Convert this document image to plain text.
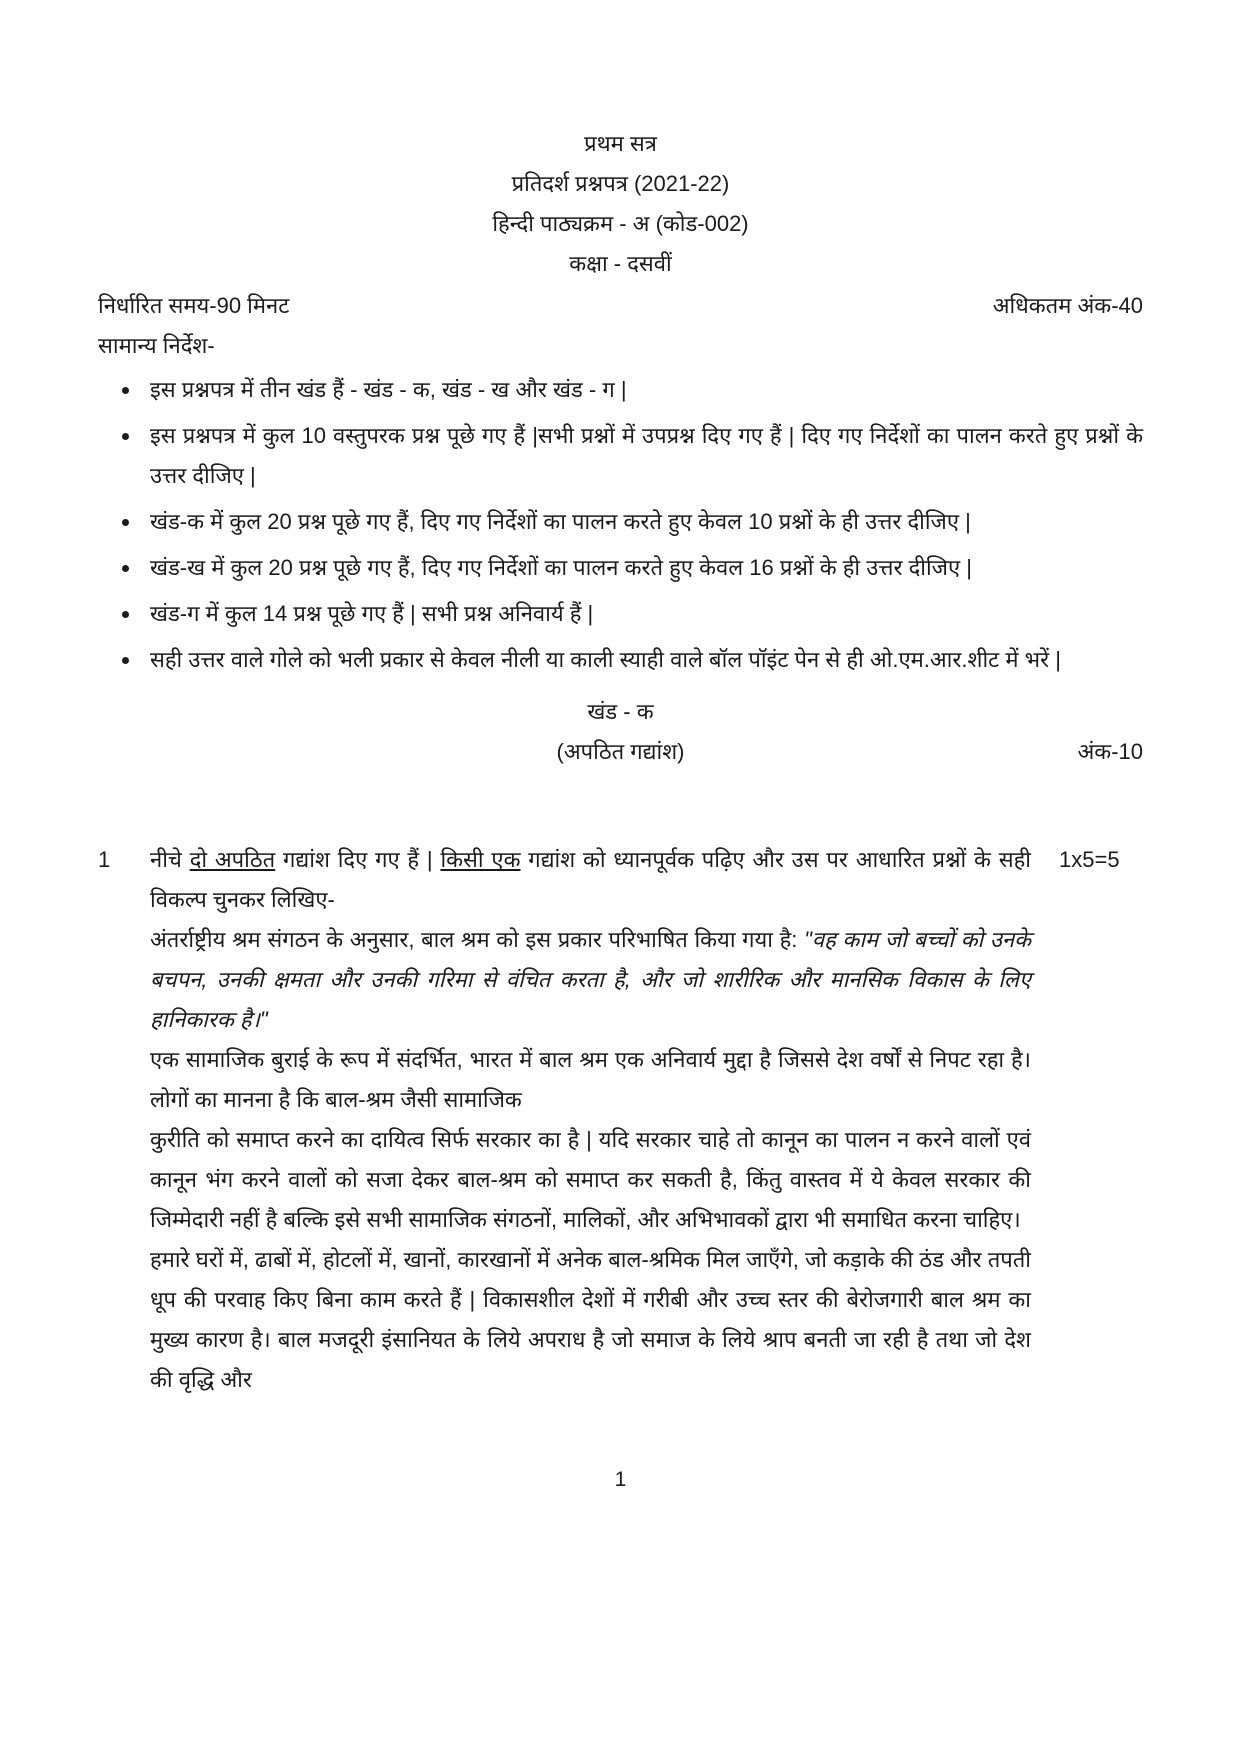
प्रथम सत्र
प्रतिदर्श प्रश्नपत्र (2021-22)
हिन्दी पाठ्यक्रम - अ (कोड-002)
कक्षा - दसवीं
निर्धारित समय-90 मिनट	अधिकतम अंक-40
सामान्य निर्देश-
• इस प्रश्नपत्र में तीन खंड हैं - खंड - क, खंड - ख और खंड - ग |
• इस प्रश्नपत्र में कुल 10 वस्तुपरक प्रश्न पूछे गए हैं |सभी प्रश्नों में उपप्रश्न दिए गए हैं | दिए गए निर्देशों का पालन करते हुए प्रश्नों के उत्तर दीजिए |
• खंड-क में कुल 20 प्रश्न पूछे गए हैं, दिए गए निर्देशों का पालन करते हुए केवल 10 प्रश्नों के ही उत्तर दीजिए |
• खंड-ख में कुल 20 प्रश्न पूछे गए हैं, दिए गए निर्देशों का पालन करते हुए केवल 16 प्रश्नों के ही उत्तर दीजिए |
• खंड-ग में कुल 14 प्रश्न पूछे गए हैं | सभी प्रश्न अनिवार्य हैं |
• सही उत्तर वाले गोले को भली प्रकार से केवल नीली या काली स्याही वाले बॉल पॉइंट पेन से ही ओ.एम.आर.शीट में भरें |
खंड - क
(अपठित गद्यांश)	अंक-10
1	नीचे दो अपठित गद्यांश दिए गए हैं | किसी एक गद्यांश को ध्यानपूर्वक पढ़िए और उस पर आधारित प्रश्नों के सही विकल्प चुनकर लिखिए-

अंतर्राष्ट्रीय श्रम संगठन के अनुसार, बाल श्रम को इस प्रकार परिभाषित किया गया है: "वह काम जो बच्चों को उनके बचपन, उनकी क्षमता और उनकी गरिमा से वंचित करता है, और जो शारीरिक और मानसिक विकास के लिए हानिकारक है।"

एक सामाजिक बुराई के रूप में संदर्भित, भारत में बाल श्रम एक अनिवार्य मुद्दा है जिससे देश वर्षों से निपट रहा है। लोगों का मानना है कि बाल-श्रम जैसी सामाजिक

कुरीति को समाप्त करने का दायित्व सिर्फ सरकार का है | यदि सरकार चाहे तो कानून का पालन न करने वालों एवं कानून भंग करने वालों को सजा देकर बाल-श्रम को समाप्त कर सकती है, किंतु वास्तव में ये केवल सरकार की जिम्मेदारी नहीं है बल्कि इसे सभी सामाजिक संगठनों, मालिकों, और अभिभावकों द्वारा भी समाधित करना चाहिए।

हमारे घरों में, ढाबों में, होटलों में, खानों, कारखानों में अनेक बाल-श्रमिक मिल जाएँगे, जो कड़ाके की ठंड और तपती धूप की परवाह किए बिना काम करते हैं | विकासशील देशों में गरीबी और उच्च स्तर की बेरोजगारी बाल श्रम का मुख्य कारण है। बाल मजदूरी इंसानियत के लिये अपराध है जो समाज के लिये श्राप बनती जा रही है तथा जो देश की वृद्धि और

1x5=5
1
